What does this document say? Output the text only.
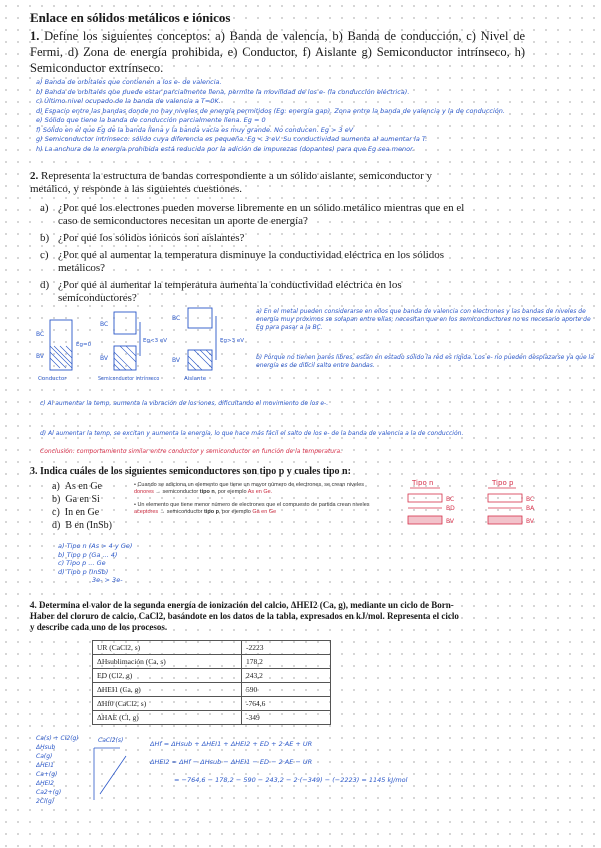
Enlace en sólidos metálicos e iónicos
1. Define los siguientes conceptos: a) Banda de valencia, b) Banda de conducción, c) Nivel de Fermi, d) Zona de energía prohibida, e) Conductor, f) Aislante g) Semiconductor intrínseco, h) Semiconductor extrínseco.
a) Banda de orbitales que contienen a los e- de valencia.
b) Banda de orbitales que puede estar parcialmente llena, permite la movilidad de los e- (la conducción eléctrica).
c) Último nivel ocupado de la banda de valencia a T=0K.
d) Espacio entre las bandas donde no hay niveles de energía permitidos (Eg: energía gap). Zona entre la banda de valencia y la de conducción.
e) Sólido que tiene la banda de conducción parcialmente llena. Eg = 0
f) Sólido en el que Eg de la banda llena y la banda vacía es muy grande. No conducen. Eg > 3 eV
g) Semiconductor intrínseco: sólido cuya diferencia es pequeña. Eg < 3 eV. Su conductividad aumenta al aumentar la T.
h) La anchura de la energía prohibida está reducida por la adición de impurezas (dopantes) para que Eg sea menor.
2. Representa la estructura de bandas correspondiente a un sólido aislante, semiconductor y metálico, y responde a las siguientes cuestiones.
a) ¿Por qué los electrones pueden moverse libremente en un sólido metálico mientras que en el caso de semiconductores necesitan un aporte de energía?
b) ¿Por qué los sólidos iónicos son aislantes?
c) ¿Por qué al aumentar la temperatura disminuye la conductividad eléctrica en los sólidos metálicos?
d) ¿Por qué al aumentar la temperatura aumenta la conductividad eléctrica en los semiconductores?
BC
BV
Eg=0
BC
BV
Eg<3 eV
BC
BV
Eg>3 eV
Conductor	Semiconductor intrínseco	Aislante
a) En el metal pueden considerarse en ellos que banda de valencia con electrones y las bandas de niveles de energía muy próximos se solapan entre ellas; necesitan que en los semiconductores no es necesario aporte de Eg para pasar a la BC.
b) Porque no tienen pares libres, están en estado sólido la red es rígida. Los e- no pueden desplazarse ya que la energía es de difícil salto entre bandas.
c) Al aumentar la temp, aumenta la vibración de los iones, dificultando el movimiento de los e-.
d) Al aumentar la temp, se excitan y aumenta la energía, lo que hace más fácil el salto de los e- de la banda de valencia a la de conducción.
Conclusión: comportamiento similar entre conductor y semiconductor en función de la temperatura.
3. Indica cuáles de los siguientes semiconductores son tipo p y cuales tipo n:
a) As en Ge
b) Ga en Si
c) In en Ge
d) B en (InSb)
• Cuando se adiciona un elemento que tiene un mayor número de electrones, se crean niveles donores → semiconductor tipo n, por ejemplo As en Ge.
• Un elemento que tiene menor número de electrones que el compuesto de partida crean niveles aceptores → semiconductor tipo p, por ejemplo Ga en Ge
Tipo n	Tipo p
BC
BD
BV
BC
BA
BV
a) Tipo n (As > 4 y Ge)
b) Tipo p (Ga ... 4)
c) Tipo p ... Ge
d) Tipo p (InSb)
3e- > 3e-
4. Determina el valor de la segunda energía de ionización del calcio, ΔHEI2 (Ca, g), mediante un ciclo de Born-Haber del cloruro de calcio, CaCl2, basándote en los datos de la tabla, expresados en kJ/mol. Representa el ciclo y describe cada uno de los procesos.
UR (CaCl2, s)	-2223
ΔHsublimación (Ca, s)	178,2
ED (Cl2, g)	243,2
ΔHEI1 (Ca, g)	590
ΔHf0 (CaCl2, s)	-764,6
ΔHAE (Cl, g)	-349
Ca(s) + Cl2(g)
ΔHsub
Ca(g)
ΔHEI1
Ca+(g)
ΔHEI2
Ca2+(g)
2Cl(g)
CaCl2(s)	ΔHf = ΔHsub + ΔHEI1 + ΔHEI2 + ED + 2·AE + UR
ΔHEI2 = ΔHf − ΔHsub − ΔHEI1 − ED − 2·AE − UR
= −764,6 − 178,2 − 590 − 243,2 − 2·(−349) − (−2223) = 1145 kJ/mol
